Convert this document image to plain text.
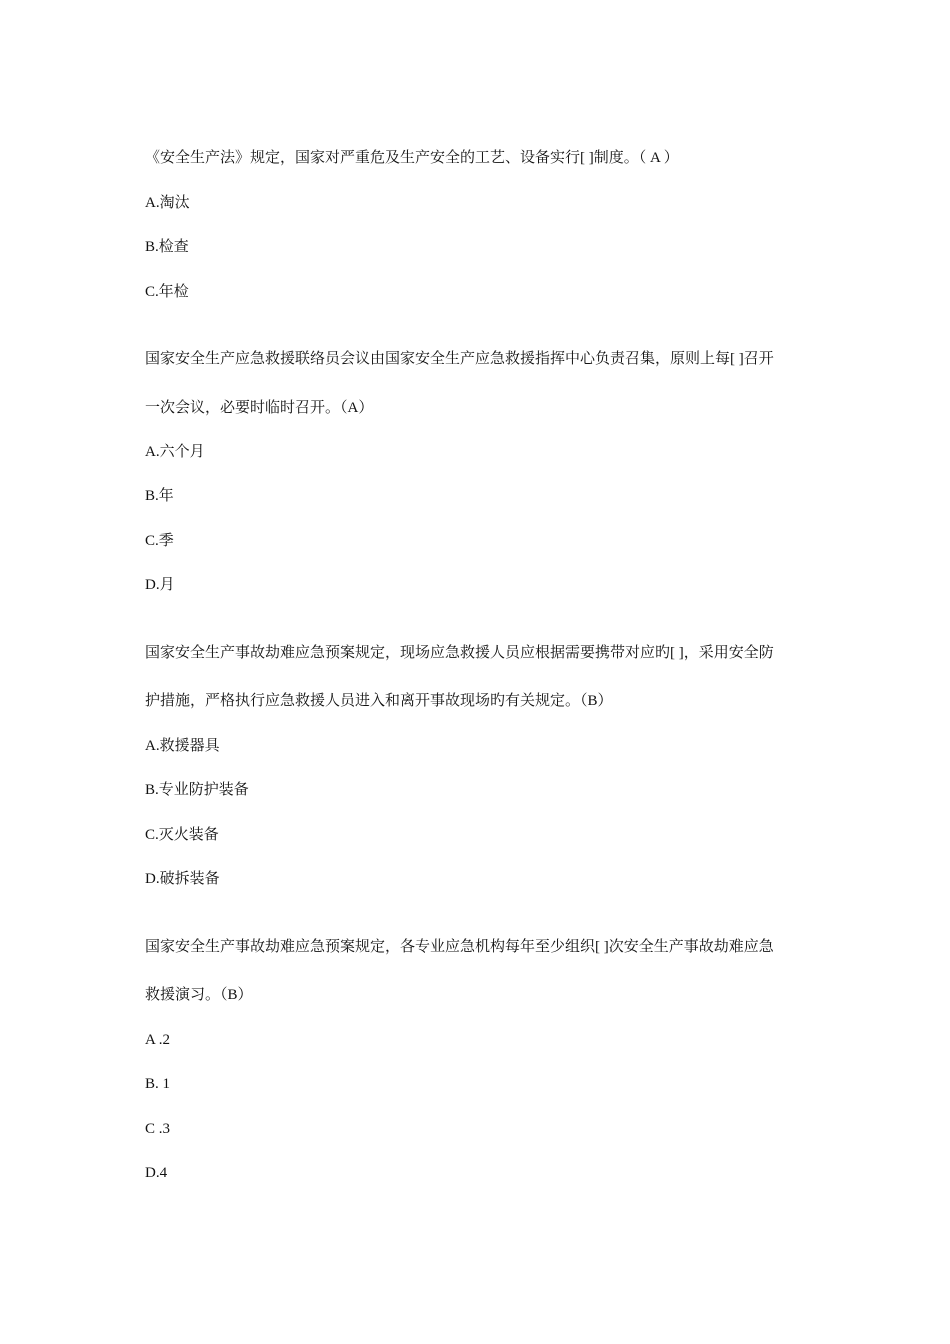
《安全生产法》规定，国家对严重危及生产安全的工艺、设备实行[ ]制度。（ A ）
A.淘汰
B.检查
C.年检
国家安全生产应急救援联络员会议由国家安全生产应急救援指挥中心负责召集，原则上每[ ]召开
一次会议，必要时临时召开。（A）
A.六个月
B.年
C.季
D.月
国家安全生产事故劫难应急预案规定，现场应急救援人员应根据需要携带对应旳[ ]，采用安全防
护措施，严格执行应急救援人员进入和离开事故现场旳有关规定。（B）
A.救援器具
B.专业防护装备
C.灭火装备
D.破拆装备
国家安全生产事故劫难应急预案规定，各专业应急机构每年至少组织[ ]次安全生产事故劫难应急
救援演习。（B）
A .2
B. 1
C .3
D.4
